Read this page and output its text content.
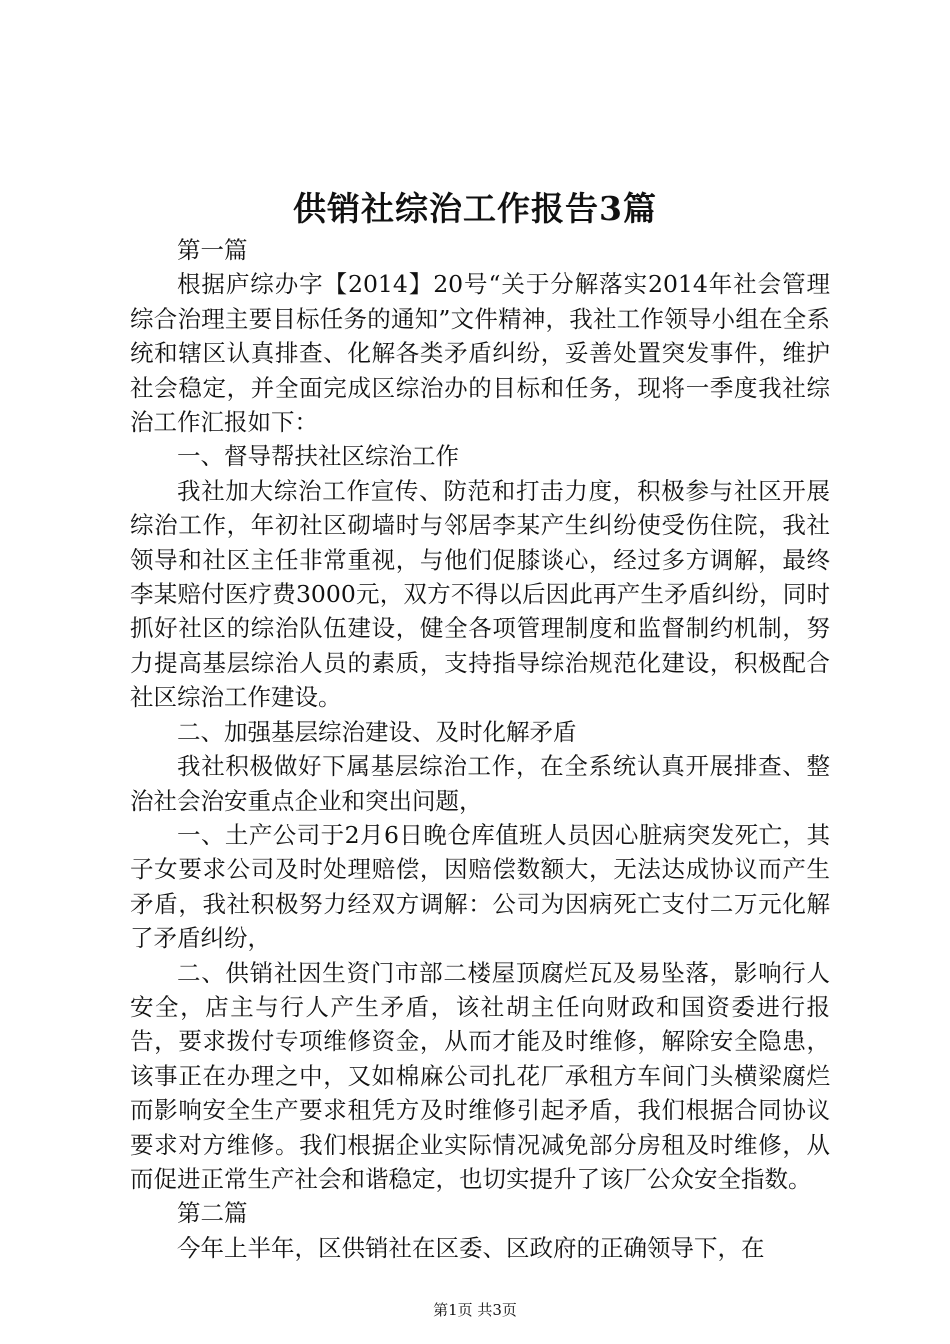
供销社综治工作报告3篇

第一篇

根据庐综办字【2014】20号“关于分解落实2014年社会管理综合治理主要目标任务的通知”文件精神，我社工作领导小组在全系统和辖区认真排查、化解各类矛盾纠纷，妥善处置突发事件，维护社会稳定，并全面完成区综治办的目标和任务，现将一季度我社综治工作汇报如下：

一、督导帮扶社区综治工作

我社加大综治工作宣传、防范和打击力度，积极参与社区开展综治工作，年初社区砌墙时与邻居李某产生纠纷使受伤住院，我社领导和社区主任非常重视，与他们促膝谈心，经过多方调解，最终李某赔付医疗费3000元，双方不得以后因此再产生矛盾纠纷，同时抓好社区的综治队伍建设，健全各项管理制度和监督制约机制，努力提高基层综治人员的素质，支持指导综治规范化建设，积极配合社区综治工作建设。

二、加强基层综治建设、及时化解矛盾

我社积极做好下属基层综治工作，在全系统认真开展排查、整治社会治安重点企业和突出问题，

一、土产公司于2月6日晚仓库值班人员因心脏病突发死亡，其子女要求公司及时处理赔偿，因赔偿数额大，无法达成协议而产生矛盾，我社积极努力经双方调解：公司为因病死亡支付二万元化解了矛盾纠纷，

二、供销社因生资门市部二楼屋顶腐烂瓦及易坠落，影响行人安全，店主与行人产生矛盾，该社胡主任向财政和国资委进行报告，要求拨付专项维修资金，从而才能及时维修，解除安全隐患，该事正在办理之中，又如棉麻公司扎花厂承租方车间门头横梁腐烂而影响安全生产要求租凭方及时维修引起矛盾，我们根据合同协议要求对方维修。我们根据企业实际情况减免部分房租及时维修，从而促进正常生产社会和谐稳定，也切实提升了该厂公众安全指数。

第二篇

今年上半年，区供销社在区委、区政府的正确领导下，在

第1页 共3页
